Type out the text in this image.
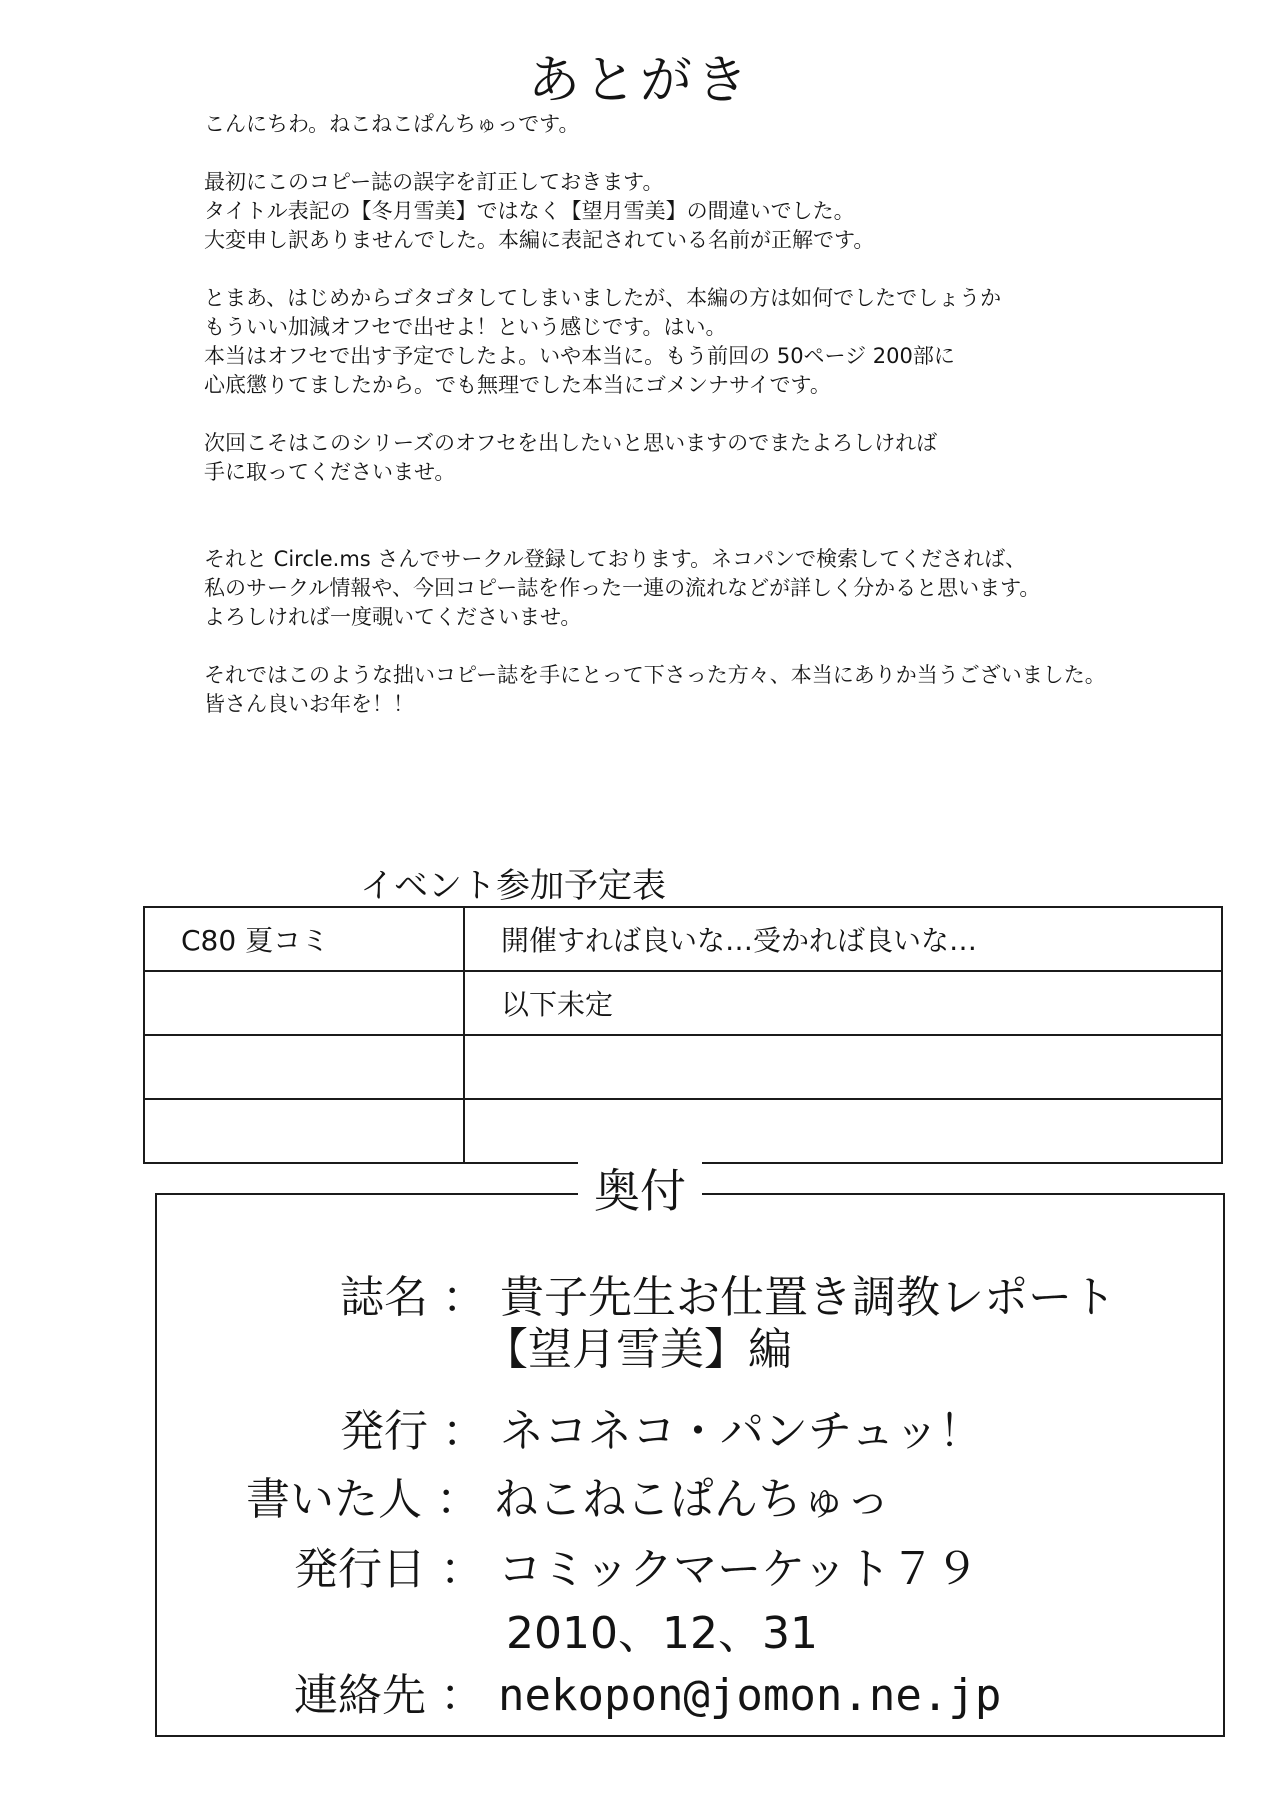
あとがき

こんにちわ。ねこねこぱんちゅっです。

最初にこのコピー誌の誤字を訂正しておきます。
タイトル表記の【冬月雪美】ではなく【望月雪美】の間違いでした。
大変申し訳ありませんでした。本編に表記されている名前が正解です。

とまあ、はじめからゴタゴタしてしまいましたが、本編の方は如何でしたでしょうか
もういい加減オフセで出せよ！という感じです。はい。
本当はオフセで出す予定でしたよ。いや本当に。もう前回の 50ページ 200部に
心底懲りてましたから。でも無理でした本当にゴメンナサイです。

次回こそはこのシリーズのオフセを出したいと思いますのでまたよろしければ
手に取ってくださいませ。

それと Circle.ms さんでサークル登録しております。ネコパンで検索してくだされば、
私のサークル情報や、今回コピー誌を作った一連の流れなどが詳しく分かると思います。
よろしければ一度覗いてくださいませ。

それではこのような拙いコピー誌を手にとって下さった方々、本当にありか当うございました。
皆さん良いお年を！！

イベント参加予定表
C80 夏コミ	開催すれば良いな…受かれば良いな…
	以下未定

奥付
誌名 ： 貴子先生お仕置き調教レポート
【望月雪美】編
発行 ： ネコネコ・パンチュッ！
書いた人 ： ねこねこぱんちゅっ
発行日 ： コミックマーケット７９
2010、12、31
連絡先 ： nekopon@jomon.ne.jp
